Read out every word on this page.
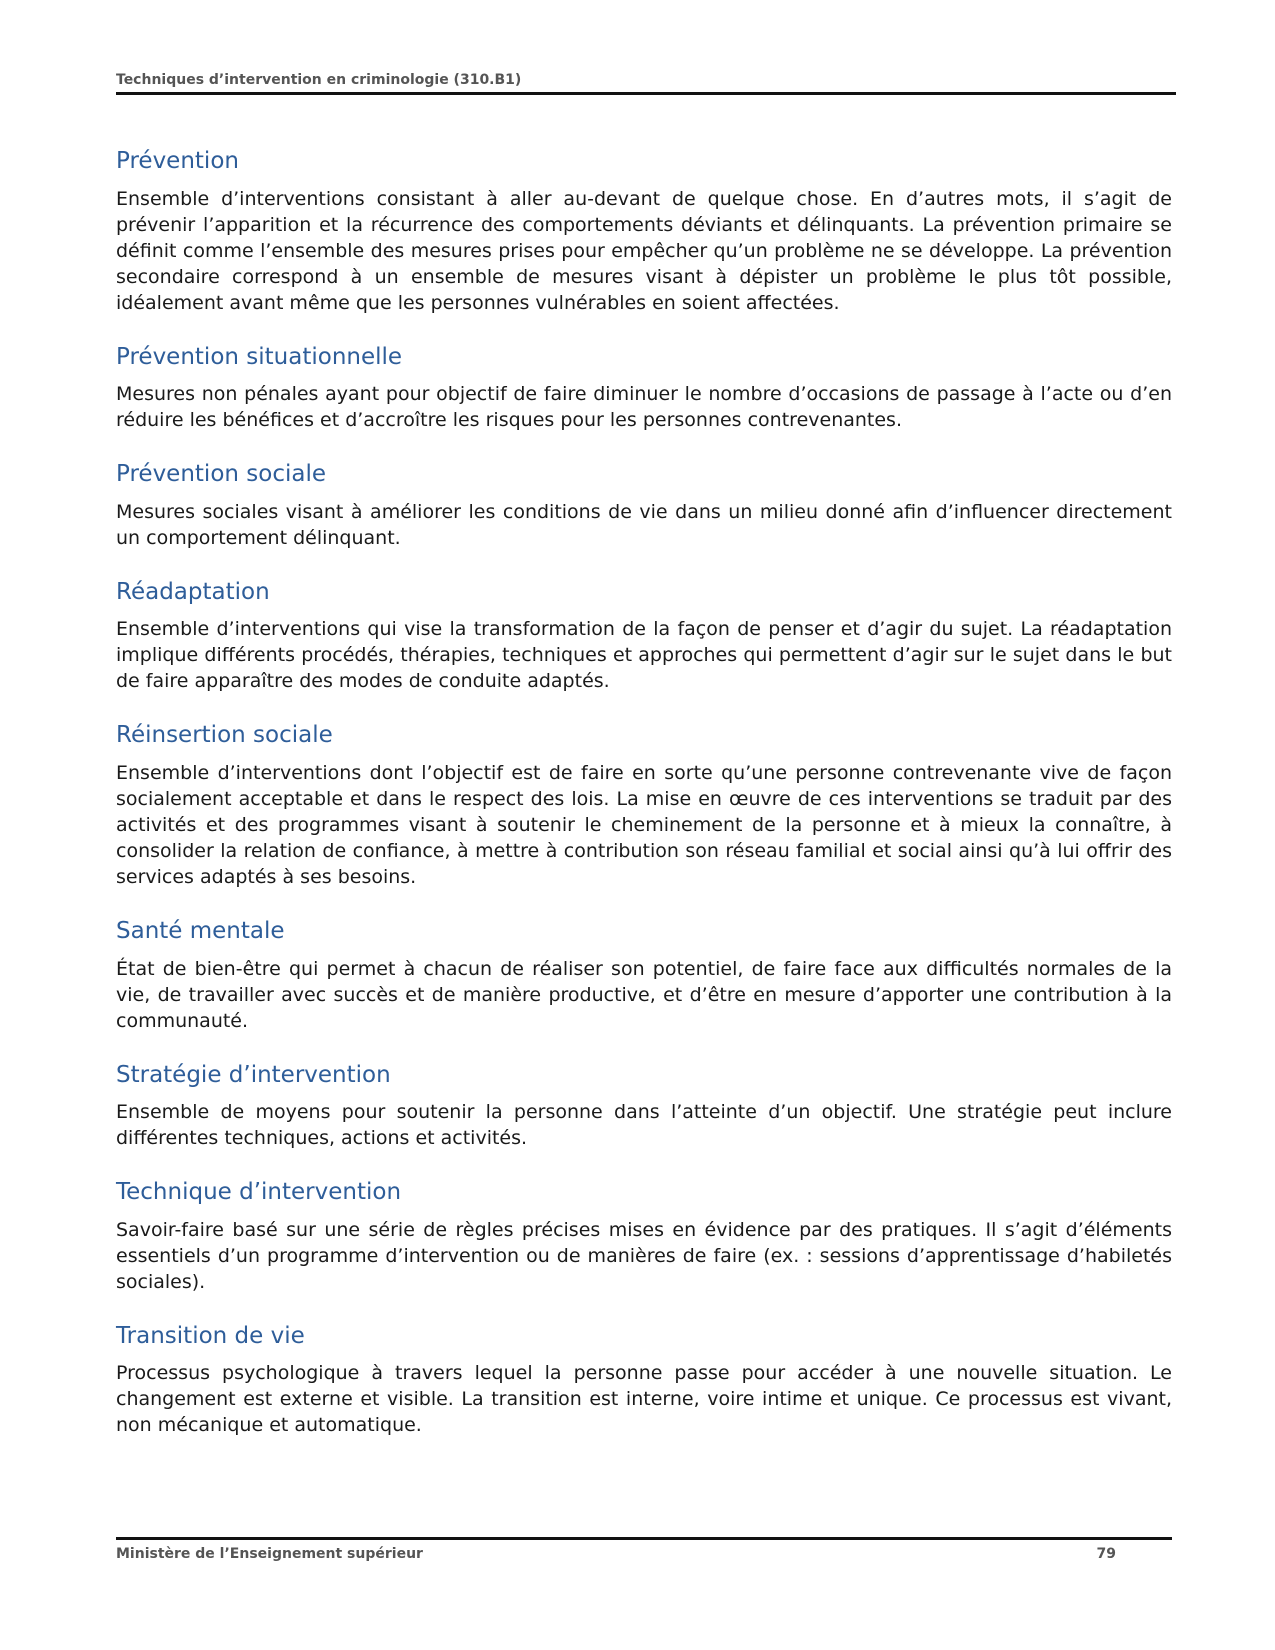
Techniques d’intervention en criminologie (310.B1)
Prévention

Ensemble d’interventions consistant à aller au-devant de quelque chose. En d’autres mots, il s’agit de prévenir l’apparition et la récurrence des comportements déviants et délinquants. La prévention primaire se définit comme l’ensemble des mesures prises pour empêcher qu’un problème ne se développe. La prévention secondaire correspond à un ensemble de mesures visant à dépister un problème le plus tôt possible, idéalement avant même que les personnes vulnérables en soient affectées.

Prévention situationnelle

Mesures non pénales ayant pour objectif de faire diminuer le nombre d’occasions de passage à l’acte ou d’en réduire les bénéfices et d’accroître les risques pour les personnes contrevenantes.

Prévention sociale

Mesures sociales visant à améliorer les conditions de vie dans un milieu donné afin d’influencer directement un comportement délinquant.

Réadaptation

Ensemble d’interventions qui vise la transformation de la façon de penser et d’agir du sujet. La réadaptation implique différents procédés, thérapies, techniques et approches qui permettent d’agir sur le sujet dans le but de faire apparaître des modes de conduite adaptés.

Réinsertion sociale

Ensemble d’interventions dont l’objectif est de faire en sorte qu’une personne contrevenante vive de façon socialement acceptable et dans le respect des lois. La mise en œuvre de ces interventions se traduit par des activités et des programmes visant à soutenir le cheminement de la personne et à mieux la connaître, à consolider la relation de confiance, à mettre à contribution son réseau familial et social ainsi qu’à lui offrir des services adaptés à ses besoins.

Santé mentale

État de bien-être qui permet à chacun de réaliser son potentiel, de faire face aux difficultés normales de la vie, de travailler avec succès et de manière productive, et d’être en mesure d’apporter une contribution à la communauté.

Stratégie d’intervention

Ensemble de moyens pour soutenir la personne dans l’atteinte d’un objectif. Une stratégie peut inclure différentes techniques, actions et activités.

Technique d’intervention

Savoir-faire basé sur une série de règles précises mises en évidence par des pratiques. Il s’agit d’éléments essentiels d’un programme d’intervention ou de manières de faire (ex. : sessions d’apprentissage d’habiletés sociales).

Transition de vie

Processus psychologique à travers lequel la personne passe pour accéder à une nouvelle situation. Le changement est externe et visible. La transition est interne, voire intime et unique. Ce processus est vivant, non mécanique et automatique.

Ministère de l’Enseignement supérieur	79
